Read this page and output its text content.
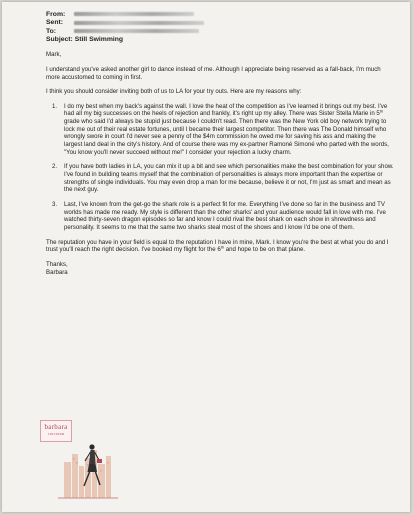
From:
Sent:
To:
Subject: Still Swimming

Mark,

I understand you've asked another girl to dance instead of me. Although I appreciate being reserved as a fall-back, I'm much more accustomed to coming in first.

I think you should consider inviting both of us to LA for your try outs. Here are my reasons why:

1. I do my best when my back's against the wall. I love the heat of the competition as I've learned it brings out my best. I've had all my big successes on the heels of rejection and frankly, it's right up my alley. There was Sister Stella Marie in 5th grade who said I'd always be stupid just because I couldn't read. Then there was the New York old boy network trying to lock me out of their real estate fortunes, until I became their largest competitor. Then there was The Donald himself who wrongly swore in court I'd never see a penny of the $4m commission he owed me for saving his ass and making the largest land deal in the city's history. And of course there was my ex-partner Ramoné Simoné who parted with the words, "You know you'll never succeed without me!" I consider your rejection a lucky charm.
2. If you have both ladies in LA, you can mix it up a bit and see which personalities make the best combination for your show. I've found in building teams myself that the combination of personalities is always more important than the expertise or strengths of single individuals. You may even drop a man for me because, believe it or not, I'm just as smart and mean as the next guy.
3. Last, I've known from the get-go the shark role is a perfect fit for me. Everything I've done so far in the business and TV worlds has made me ready. My style is different than the other sharks' and your audience would fall in love with me. I've watched thirty-seven dragon episodes so far and know I could rival the best shark on each show in shrewdness and personality. It seems to me that the same two sharks steal most of the shows and I know I'd be one of them.

The reputation you have in your field is equal to the reputation I have in mine, Mark. I know you're the best at what you do and I trust you'll reach the right decision. I've booked my flight for the 6th and hope to be on that plane.

Thanks,
Barbara

barbara
corcoran
